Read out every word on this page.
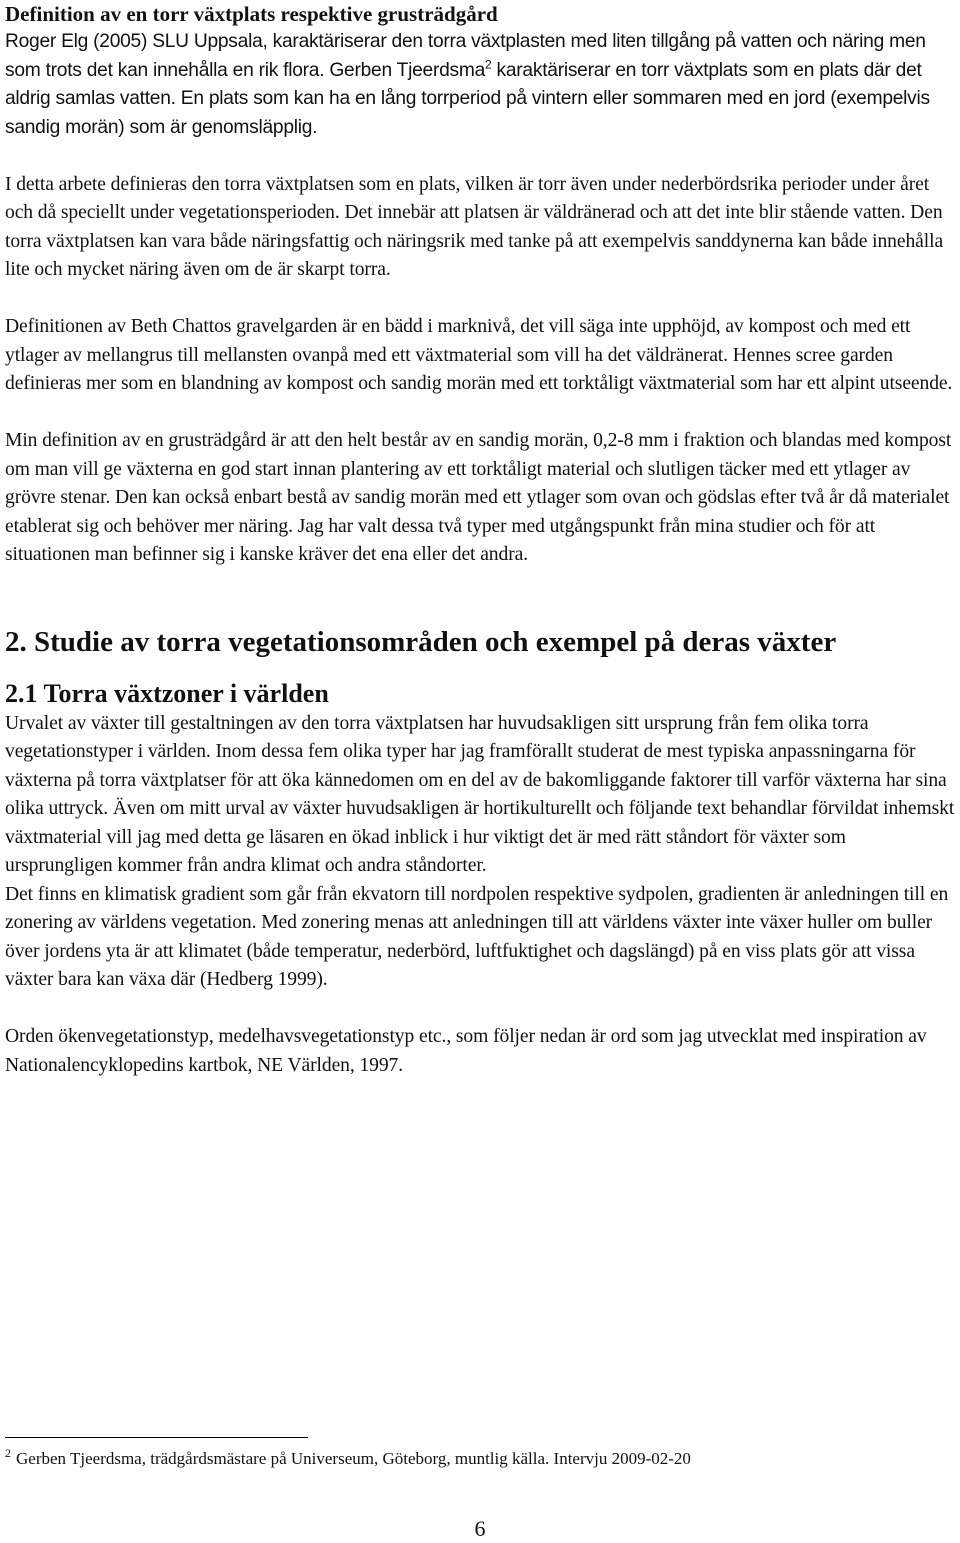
Definition av en torr växtplats respektive grusträdgård

Roger Elg (2005) SLU Uppsala, karaktäriserar den torra växtplasten med liten tillgång på vatten och näring men som trots det kan innehålla en rik flora. Gerben Tjeerdsma$^2$ karaktäriserar en torr växtplats som en plats där det aldrig samlas vatten. En plats som kan ha en lång torrperiod på vintern eller sommaren med en jord (exempelvis sandig morän) som är genomsläpplig.

I detta arbete definieras den torra växtplatsen som en plats, vilken är torr även under nederbördsrika perioder under året och då speciellt under vegetationsperioden. Det innebär att platsen är väldränerad och att det inte blir stående vatten. Den torra växtplatsen kan vara både näringsfattig och näringsrik med tanke på att exempelvis sanddynerna kan både innehålla lite och mycket näring även om de är skarpt torra.

Definitionen av Beth Chattos gravelgarden är en bädd i marknivå, det vill säga inte upphöjd, av kompost och med ett ytlager av mellangrus till mellansten ovanpå med ett växtmaterial som vill ha det väldränerat. Hennes scree garden definieras mer som en blandning av kompost och sandig morän med ett torktåligt växtmaterial som har ett alpint utseende.

Min definition av en grusträdgård är att den helt består av en sandig morän, 0,2-8 mm i fraktion och blandas med kompost om man vill ge växterna en god start innan plantering av ett torktåligt material och slutligen täcker med ett ytlager av grövre stenar. Den kan också enbart bestå av sandig morän med ett ytlager som ovan och gödslas efter två år då materialet etablerat sig och behöver mer näring. Jag har valt dessa två typer med utgångspunkt från mina studier och för att situationen man befinner sig i kanske kräver det ena eller det andra.

2. Studie av torra vegetationsområden och exempel på deras växter
2.1 Torra växtzoner i världen

Urvalet av växter till gestaltningen av den torra växtplatsen har huvudsakligen sitt ursprung från fem olika torra vegetationstyper i världen. Inom dessa fem olika typer har jag framförallt studerat de mest typiska anpassningarna för växterna på torra växtplatser för att öka kännedomen om en del av de bakomliggande faktorer till varför växterna har sina olika uttryck. Även om mitt urval av växter huvudsakligen är hortikulturellt och följande text behandlar förvildat inhemskt växtmaterial vill jag med detta ge läsaren en ökad inblick i hur viktigt det är med rätt ståndort för växter som ursprungligen kommer från andra klimat och andra ståndorter.

Det finns en klimatisk gradient som går från ekvatorn till nordpolen respektive sydpolen, gradienten är anledningen till en zonering av världens vegetation. Med zonering menas att anledningen till att världens växter inte växer huller om buller över jordens yta är att klimatet (både temperatur, nederbörd, luftfuktighet och dagslängd) på en viss plats gör att vissa växter bara kan växa där (Hedberg 1999).

Orden ökenvegetationstyp, medelhavsvegetationstyp etc., som följer nedan är ord som jag utvecklat med inspiration av Nationalencyklopedins kartbok, NE Världen, 1997.

$^2$ Gerben Tjeerdsma, trädgårdsmästare på Universeum, Göteborg, muntlig källa. Intervju 2009-02-20
6
